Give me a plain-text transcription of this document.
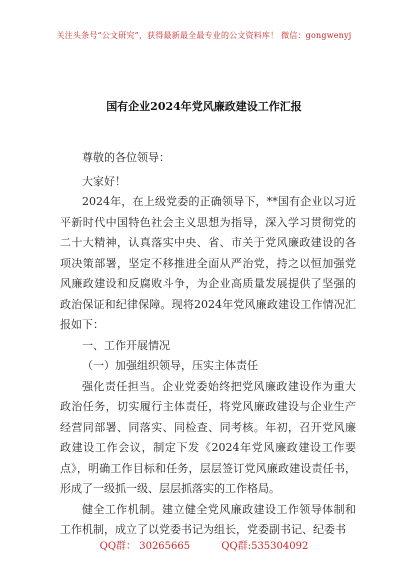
关注头条号“公文研究”，获得最新最全最专业的公文资料库！ 微信：gongwenyj
国有企业2024年党风廉政建设工作汇报

尊敬的各位领导：

大家好！

2024年，在上级党委的正确领导下，**国有企业以习近平新时代中国特色社会主义思想为指导，深入学习贯彻党的二十大精神，认真落实中央、省、市关于党风廉政建设的各项决策部署，坚定不移推进全面从严治党，持之以恒加强党风廉政建设和反腐败斗争，为企业高质量发展提供了坚强的政治保证和纪律保障。现将2024年党风廉政建设工作情况汇报如下：

一、工作开展情况

（一）加强组织领导，压实主体责任

强化责任担当。企业党委始终把党风廉政建设作为重大政治任务，切实履行主体责任，将党风廉政建设与企业生产经营同部署、同落实、同检查、同考核。年初，召开党风廉政建设工作会议，制定下发《2024年党风廉政建设工作要点》，明确工作目标和任务，层层签订党风廉政建设责任书，形成了一级抓一级、层层抓落实的工作格局。

健全工作机制。建立健全党风廉政建设工作领导体制和工作机制，成立了以党委书记为组长，党委副书记、纪委书

QQ群： 30265665	QQ群:535304092
